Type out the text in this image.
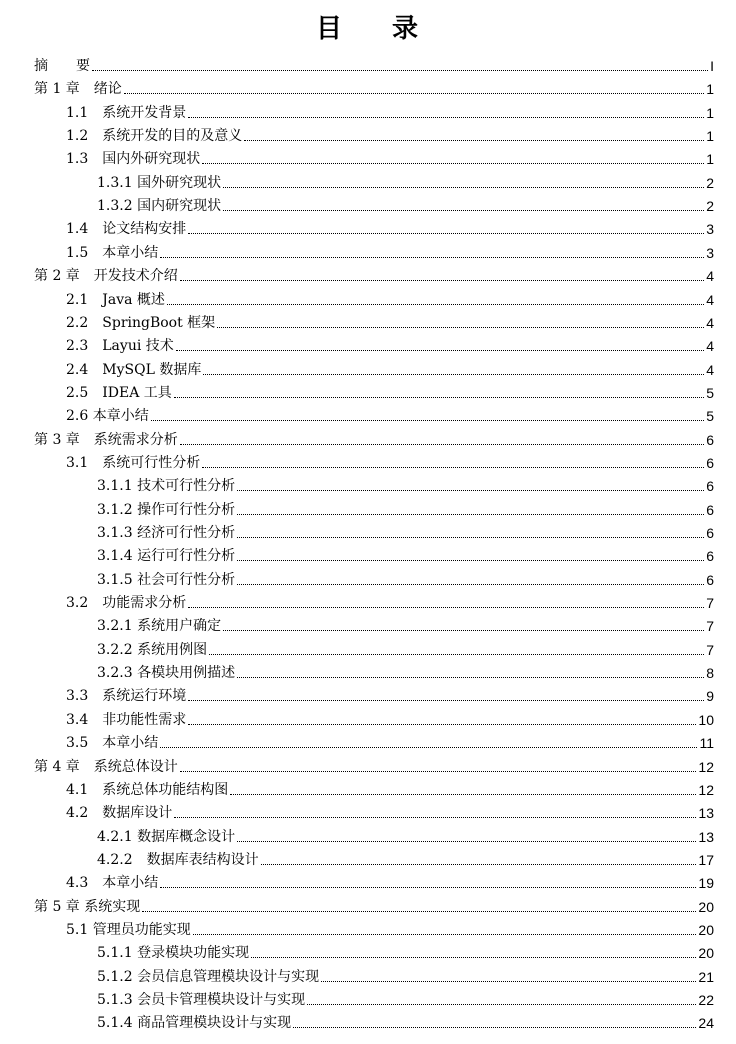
目 录
摘　　要	I
第 1 章　绪论	1
1.1　系统开发背景	1
1.2　系统开发的目的及意义	1
1.3　国内外研究现状	1
1.3.1 国外研究现状	2
1.3.2 国内研究现状	2
1.4　论文结构安排	3
1.5　本章小结	3
第 2 章　开发技术介绍	4
2.1　Java 概述	4
2.2　SpringBoot 框架	4
2.3　Layui 技术	4
2.4　MySQL 数据库	4
2.5　IDEA 工具	5
2.6 本章小结	5
第 3 章　系统需求分析	6
3.1　系统可行性分析	6
3.1.1 技术可行性分析	6
3.1.2 操作可行性分析	6
3.1.3 经济可行性分析	6
3.1.4 运行可行性分析	6
3.1.5 社会可行性分析	6
3.2　功能需求分析	7
3.2.1 系统用户确定	7
3.2.2 系统用例图	7
3.2.3 各模块用例描述	8
3.3　系统运行环境	9
3.4　非功能性需求	10
3.5　本章小结	11
第 4 章　系统总体设计	12
4.1　系统总体功能结构图	12
4.2　数据库设计	13
4.2.1 数据库概念设计	13
4.2.2　数据库表结构设计	17
4.3　本章小结	19
第 5 章 系统实现	20
5.1 管理员功能实现	20
5.1.1 登录模块功能实现	20
5.1.2 会员信息管理模块设计与实现	21
5.1.3 会员卡管理模块设计与实现	22
5.1.4 商品管理模块设计与实现	24
